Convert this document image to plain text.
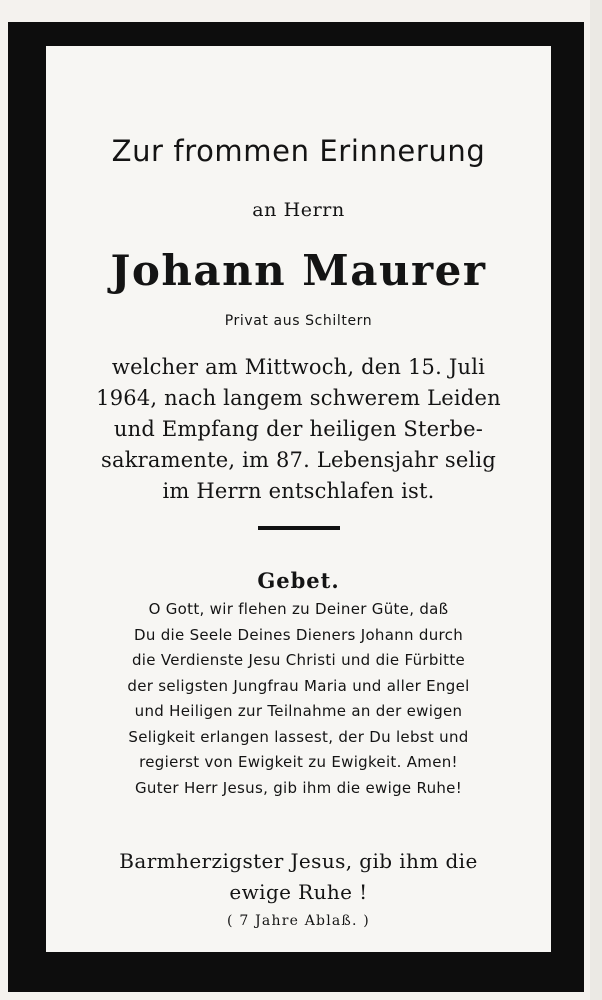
Zur frommen Erinnerung
an Herrn
Johann Maurer
Privat aus Schiltern
welcher am Mittwoch, den 15. Juli
1964, nach langem schwerem Leiden
und Empfang der heiligen Sterbe-
sakramente, im 87. Lebensjahr selig
im Herrn entschlafen ist.
Gebet.
O Gott, wir flehen zu Deiner Güte, daß
Du die Seele Deines Dieners Johann durch
die Verdienste Jesu Christi und die Fürbitte
der seligsten Jungfrau Maria und aller Engel
und Heiligen zur Teilnahme an der ewigen
Seligkeit erlangen lassest, der Du lebst und
regierst von Ewigkeit zu Ewigkeit. Amen!
Guter Herr Jesus, gib ihm die ewige Ruhe!
Barmherzigster Jesus, gib ihm die
ewige Ruhe !
( 7 Jahre Ablaß. )
